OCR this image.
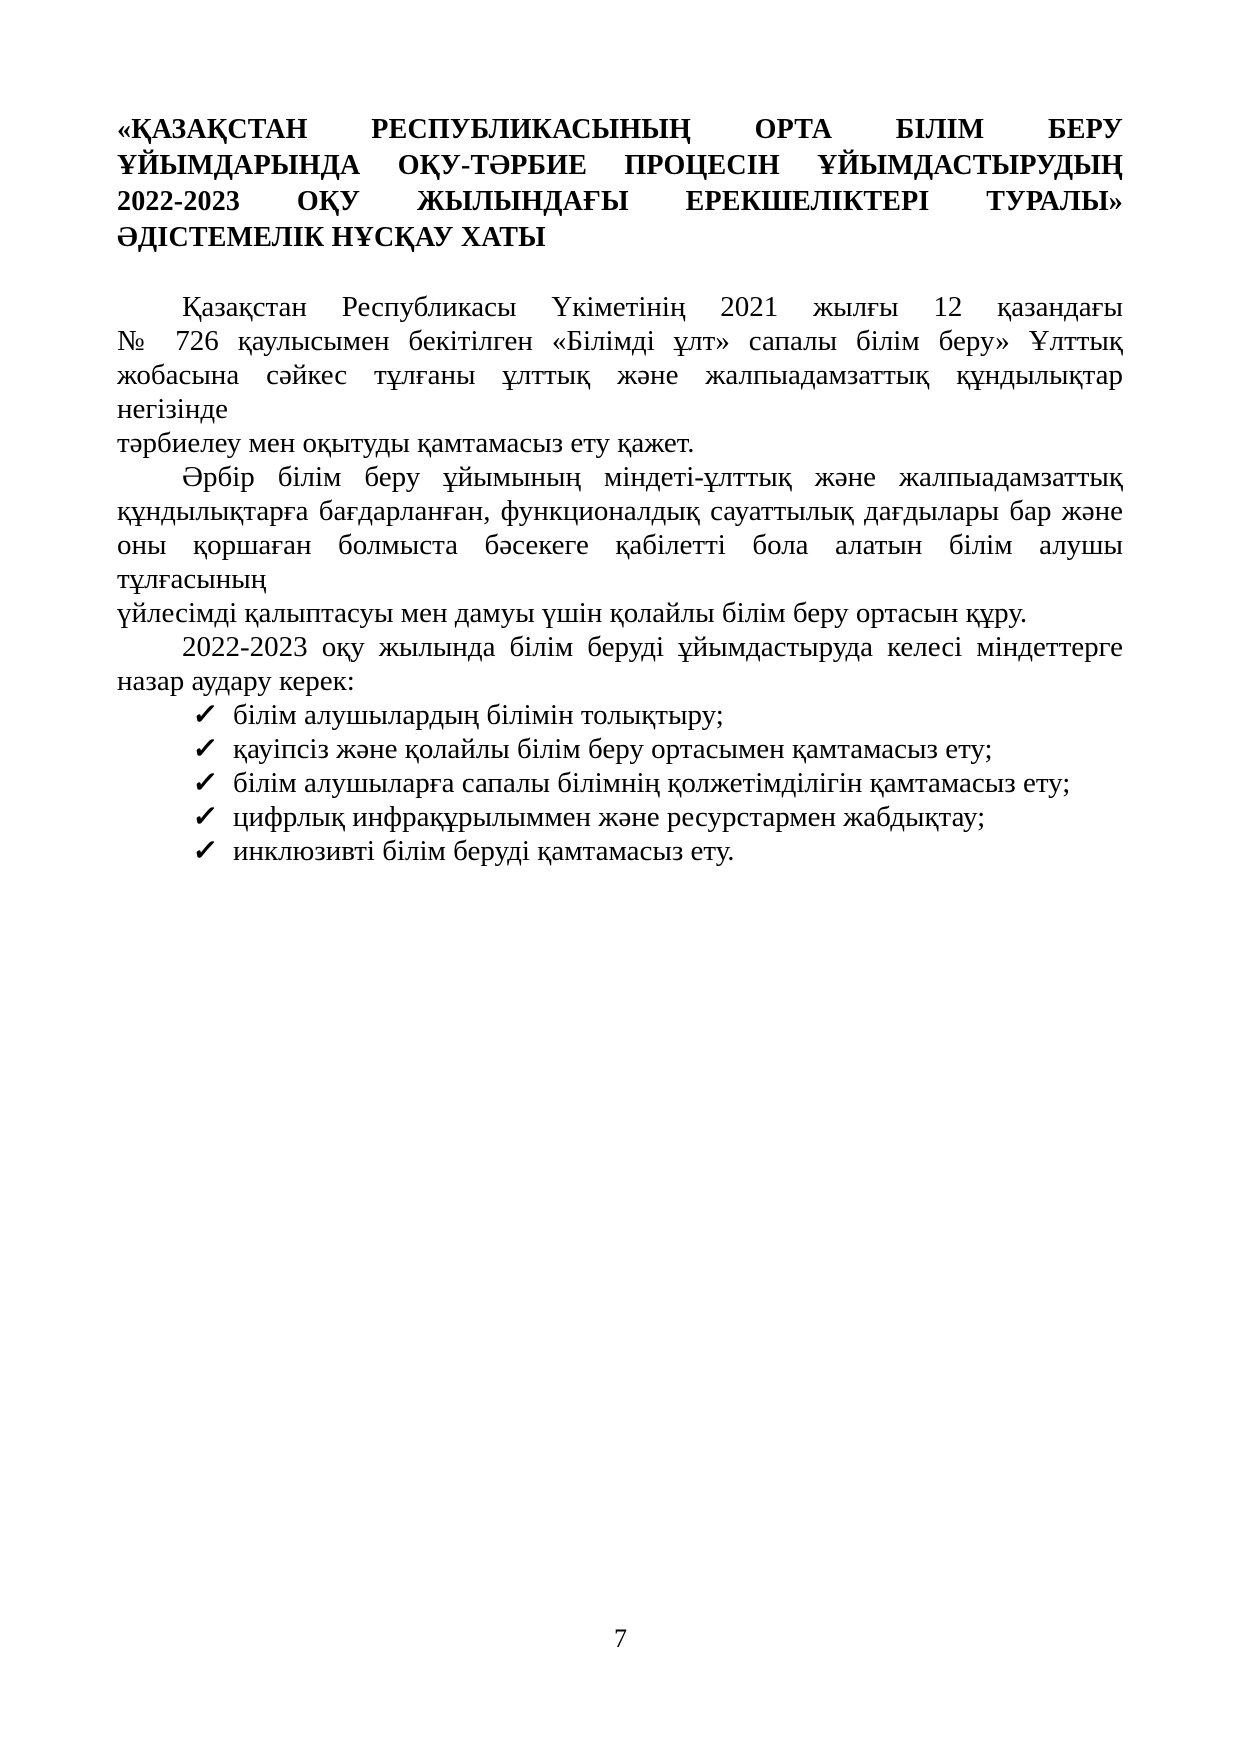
«ҚАЗАҚСТАН РЕСПУБЛИКАСЫНЫҢ ОРТА БІЛІМ БЕРУ
ҰЙЫМДАРЫНДА ОҚУ-ТӘРБИЕ ПРОЦЕСІН ҰЙЫМДАСТЫРУДЫҢ
2022-2023 ОҚУ ЖЫЛЫНДАҒЫ ЕРЕКШЕЛІКТЕРІ ТУРАЛЫ»
ӘДІСТЕМЕЛІК НҰСҚАУ ХАТЫ
Қазақстан Республикасы Үкіметінің 2021 жылғы 12 қазандағы
№ 726 қаулысымен бекітілген «Білімді ұлт» сапалы білім беру» Ұлттық
жобасына сәйкес тұлғаны ұлттық және жалпыадамзаттық құндылықтар негізінде
тәрбиелеу мен оқытуды қамтамасыз ету қажет.
Әрбір білім беру ұйымының міндеті-ұлттық және жалпыадамзаттық
құндылықтарға бағдарланған, функционалдық сауаттылық дағдылары бар және
оны қоршаған болмыста бәсекеге қабілетті бола алатын білім алушы тұлғасының
үйлесімді қалыптасуы мен дамуы үшін қолайлы білім беру ортасын құру.
2022-2023 оқу жылында білім беруді ұйымдастыруда келесі міндеттерге
назар аудару керек:
✓ білім алушылардың білімін толықтыру;
✓ қауіпсіз және қолайлы білім беру ортасымен қамтамасыз ету;
✓ білім алушыларға сапалы білімнің қолжетімділігін қамтамасыз ету;
✓ цифрлық инфрақұрылыммен және ресурстармен жабдықтау;
✓ инклюзивті білім беруді қамтамасыз ету.
7
